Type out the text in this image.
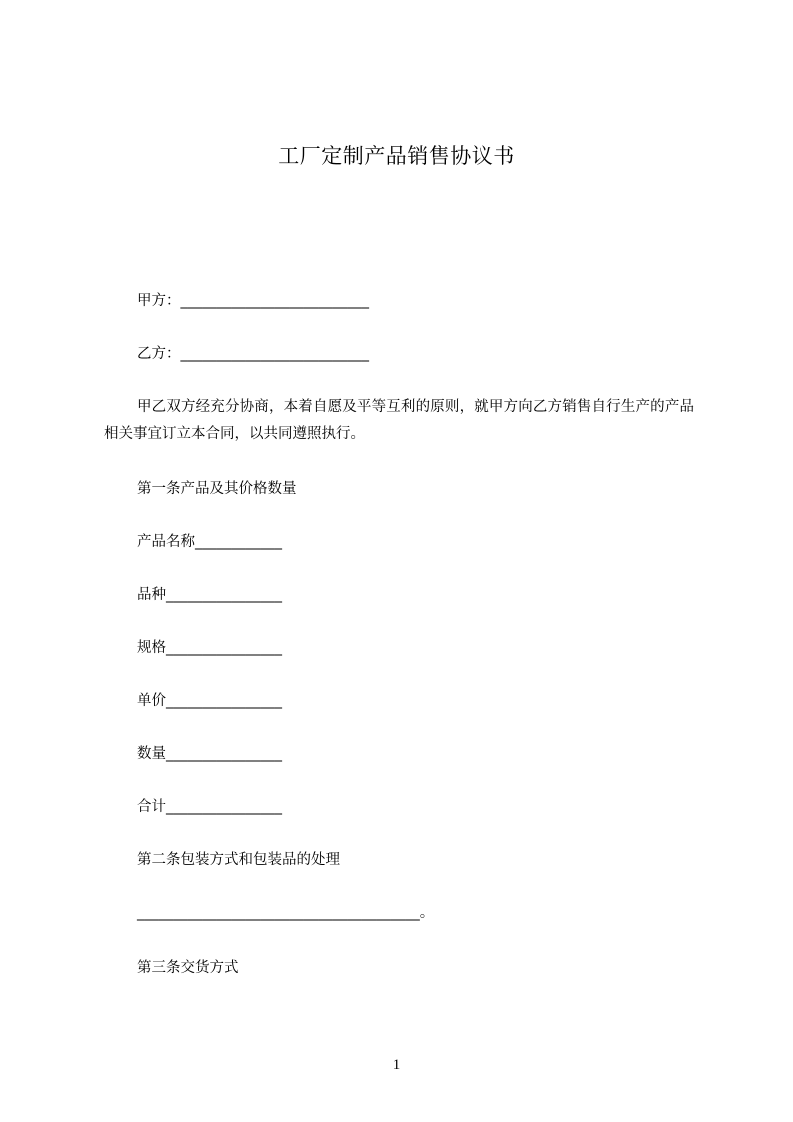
工厂定制产品销售协议书
甲方：__________________________
乙方：__________________________
甲乙双方经充分协商，本着自愿及平等互利的原则，就甲方向乙方销售自行生产的产品相关事宜订立本合同，以共同遵照执行。
第一条产品及其价格数量
产品名称____________
品种________________
规格________________
单价________________
数量________________
合计________________
第二条包装方式和包装品的处理
_______________________________________。
第三条交货方式
1
